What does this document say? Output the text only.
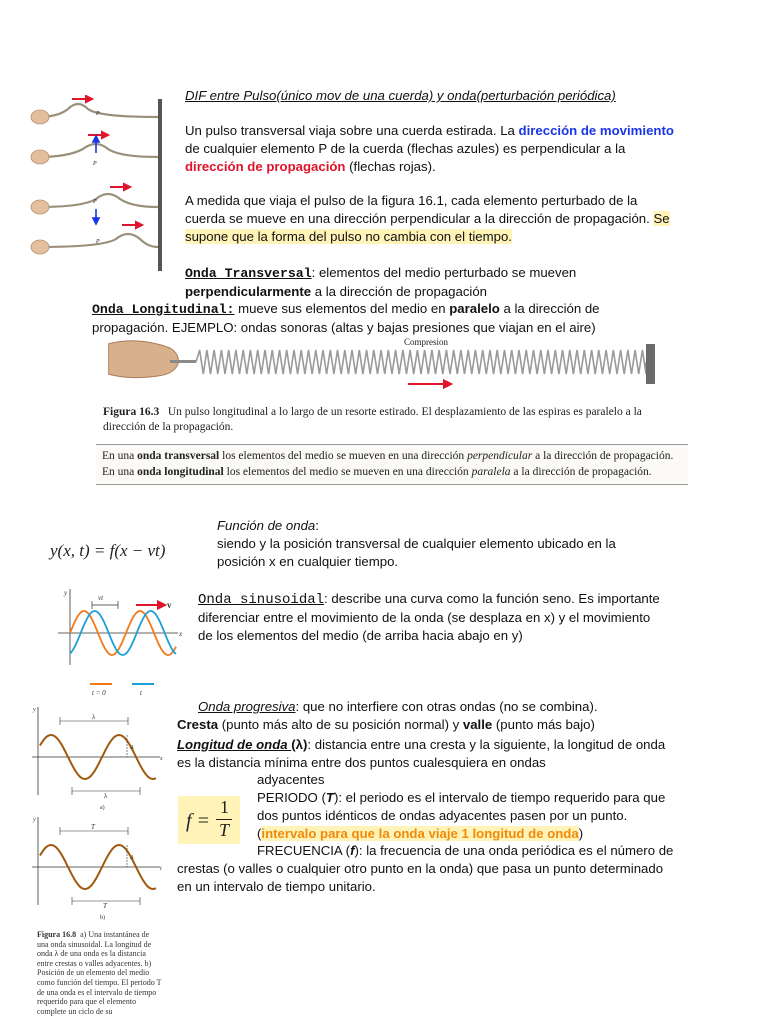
DIF entre Pulso(único mov de una cuerda) y onda(perturbación periódica)
P
P
P
P
Un pulso transversal viaja sobre una cuerda estirada. La dirección de movimiento de cualquier elemento P de la cuerda (flechas azules) es perpendicular a la dirección de propagación (flechas rojas).
A medida que viaja el pulso de la figura 16.1, cada elemento perturbado de la cuerda se mueve en una dirección perpendicular a la dirección de propagación. Se supone que la forma del pulso no cambia con el tiempo.
Onda Transversal: elementos del medio perturbado se mueven
perpendicularmente a la dirección de propagación
Onda Longitudinal: mueve sus elementos del medio en paralelo a la dirección de propagación. EJEMPLO: ondas sonoras (altas y bajas presiones que viajan en el aire)
Compresion
Figura 16.3 Un pulso longitudinal a lo largo de un resorte estirado. El desplazamiento de las espiras es paralelo a la dirección de la propagación.
En una onda transversal los elementos del medio se mueven en una dirección perpendicular a la dirección de propagación. En una onda longitudinal los elementos del medio se mueven en una dirección paralela a la dirección de propagación.
y(x, t) = f(x − vt)
Función de onda:
siendo y la posición transversal de cualquier elemento ubicado en la posición x en cualquier tiempo.
y
x
vt
v
t = 0	t
Onda sinusoidal: describe una curva como la función seno. Es importante diferenciar entre el movimiento de la onda (se desplaza en x) y el movimiento de los elementos del medio (de arriba hacia abajo en y)
Onda progresiva: que no interfiere con otras ondas (no se combina).
Cresta (punto más alto de su posición normal) y valle (punto más bajo)
Longitud de onda (λ): distancia entre una cresta y la siguiente, la longitud de onda es la distancia mínima entre dos puntos cualesquiera en ondas
adyacentes
f =
1
T
PERIODO (T): el periodo es el intervalo de tiempo requerido para que dos puntos idénticos de ondas adyacentes pasen por un punto. (intervalo para que la onda viaje 1 longitud de onda)
FRECUENCIA (f): la frecuencia de una onda periódica es el número de crestas (o valles o cualquier otro punto en la onda) que pasa un punto determinado en un intervalo de tiempo unitario.
y
x
λ
λ
A
a)
y
t
T
T
A
b)
Figura 16.8 a) Una instantánea de una onda sinusoidal. La longitud de onda λ de una onda es la distancia entre crestas o valles adyacentes. b) Posición de un elemento del medio como función del tiempo. El periodo T de una onda es el intervalo de tiempo requerido para que el elemento complete un ciclo de su
